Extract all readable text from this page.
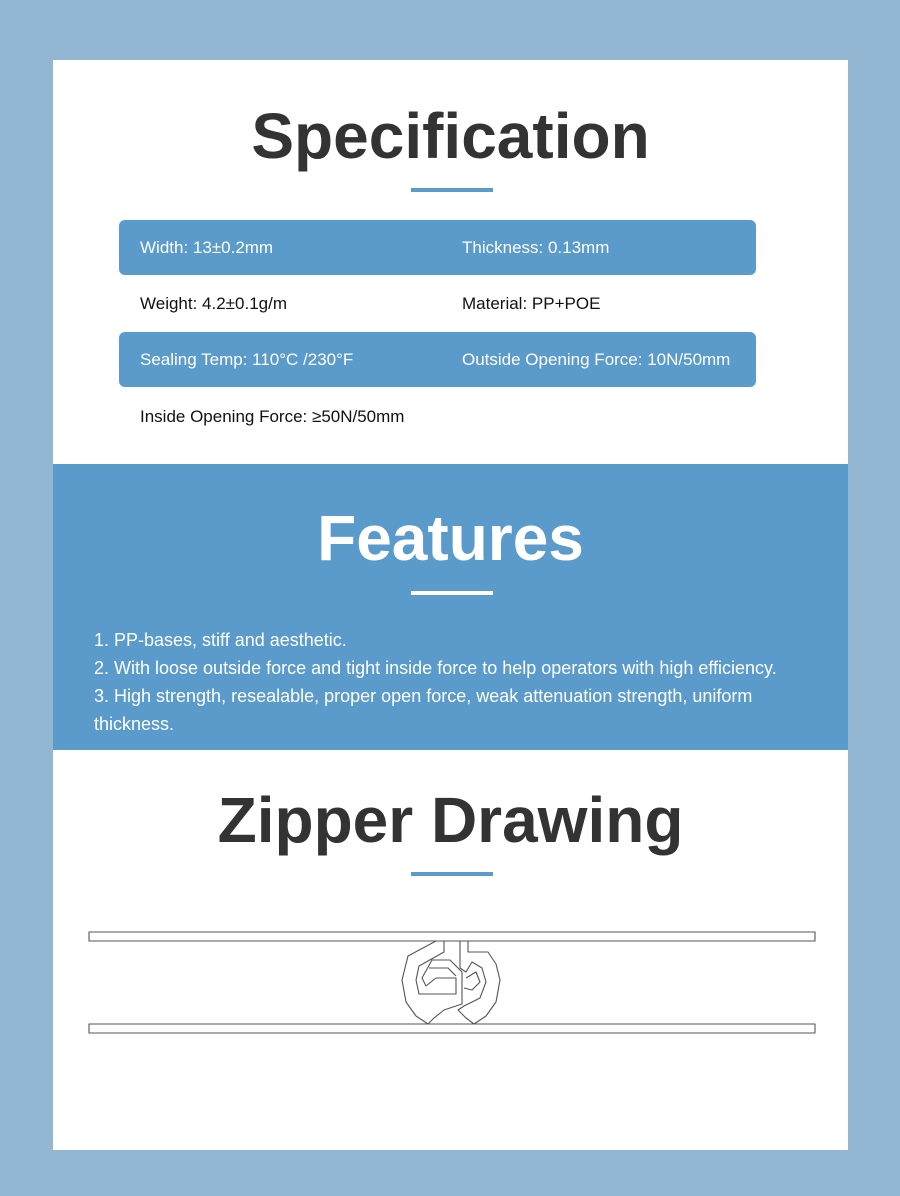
Specification
Width: 13±0.2mm	Thickness: 0.13mm
Weight: 4.2±0.1g/m	Material: PP+POE
Sealing Temp: 110°C /230°F	Outside Opening Force: 10N/50mm
Inside Opening Force: ≥50N/50mm
Features
1. PP-bases, stiff and aesthetic.
2. With loose outside force and tight inside force to help operators with high efficiency.
3. High strength, resealable, proper open force, weak attenuation strength, uniform thickness.
Zipper Drawing
